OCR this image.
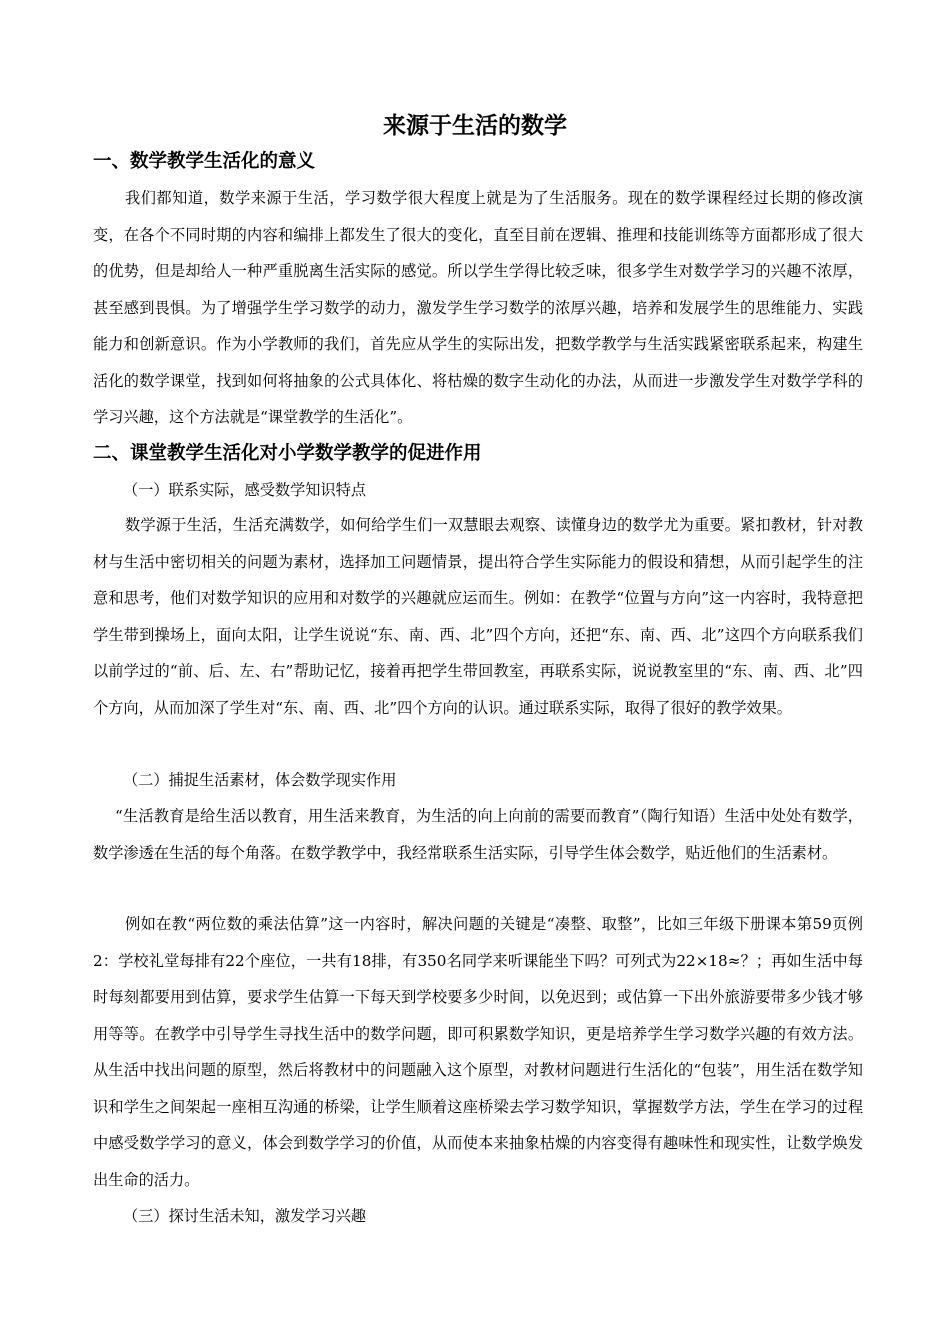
来源于生活的数学
一、数学教学生活化的意义

我们都知道，数学来源于生活，学习数学很大程度上就是为了生活服务。现在的数学课程经过长期的修改演变，在各个不同时期的内容和编排上都发生了很大的变化，直至目前在逻辑、推理和技能训练等方面都形成了很大的优势，但是却给人一种严重脱离生活实际的感觉。所以学生学得比较乏味，很多学生对数学学习的兴趣不浓厚，甚至感到畏惧。为了增强学生学习数学的动力，激发学生学习数学的浓厚兴趣，培养和发展学生的思维能力、实践能力和创新意识。作为小学教师的我们，首先应从学生的实际出发，把数学教学与生活实践紧密联系起来，构建生活化的数学课堂，找到如何将抽象的公式具体化、将枯燥的数字生动化的办法，从而进一步激发学生对数学学科的学习兴趣，这个方法就是“课堂教学的生活化”。

二、课堂教学生活化对小学数学教学的促进作用

（一）联系实际，感受数学知识特点

数学源于生活，生活充满数学，如何给学生们一双慧眼去观察、读懂身边的数学尤为重要。紧扣教材，针对教材与生活中密切相关的问题为素材，选择加工问题情景，提出符合学生实际能力的假设和猜想，从而引起学生的注意和思考，他们对数学知识的应用和对数学的兴趣就应运而生。例如：在教学“位置与方向”这一内容时，我特意把学生带到操场上，面向太阳，让学生说说“东、南、西、北”四个方向，还把“东、南、西、北”这四个方向联系我们以前学过的“前、后、左、右”帮助记忆，接着再把学生带回教室，再联系实际，说说教室里的“东、南、西、北”四个方向，从而加深了学生对“东、南、西、北”四个方向的认识。通过联系实际，取得了很好的教学效果。

（二）捕捉生活素材，体会数学现实作用

“生活教育是给生活以教育，用生活来教育，为生活的向上向前的需要而教育”（陶行知语）生活中处处有数学，数学渗透在生活的每个角落。在数学教学中，我经常联系生活实际，引导学生体会数学，贴近他们的生活素材。

例如在教“两位数的乘法估算”这一内容时，解决问题的关键是“凑整、取整”，比如三年级下册课本第59页例2：学校礼堂每排有22个座位，一共有18排，有350名同学来听课能坐下吗？可列式为22×18≈？；再如生活中每时每刻都要用到估算，要求学生估算一下每天到学校要多少时间，以免迟到；或估算一下出外旅游要带多少钱才够用等等。在教学中引导学生寻找生活中的数学问题，即可积累数学知识，更是培养学生学习数学兴趣的有效方法。从生活中找出问题的原型，然后将教材中的问题融入这个原型，对教材问题进行生活化的“包装”，用生活在数学知识和学生之间架起一座相互沟通的桥梁，让学生顺着这座桥梁去学习数学知识，掌握数学方法，学生在学习的过程中感受数学学习的意义，体会到数学学习的价值，从而使本来抽象枯燥的内容变得有趣味性和现实性，让数学焕发出生命的活力。

（三）探讨生活未知，激发学习兴趣
